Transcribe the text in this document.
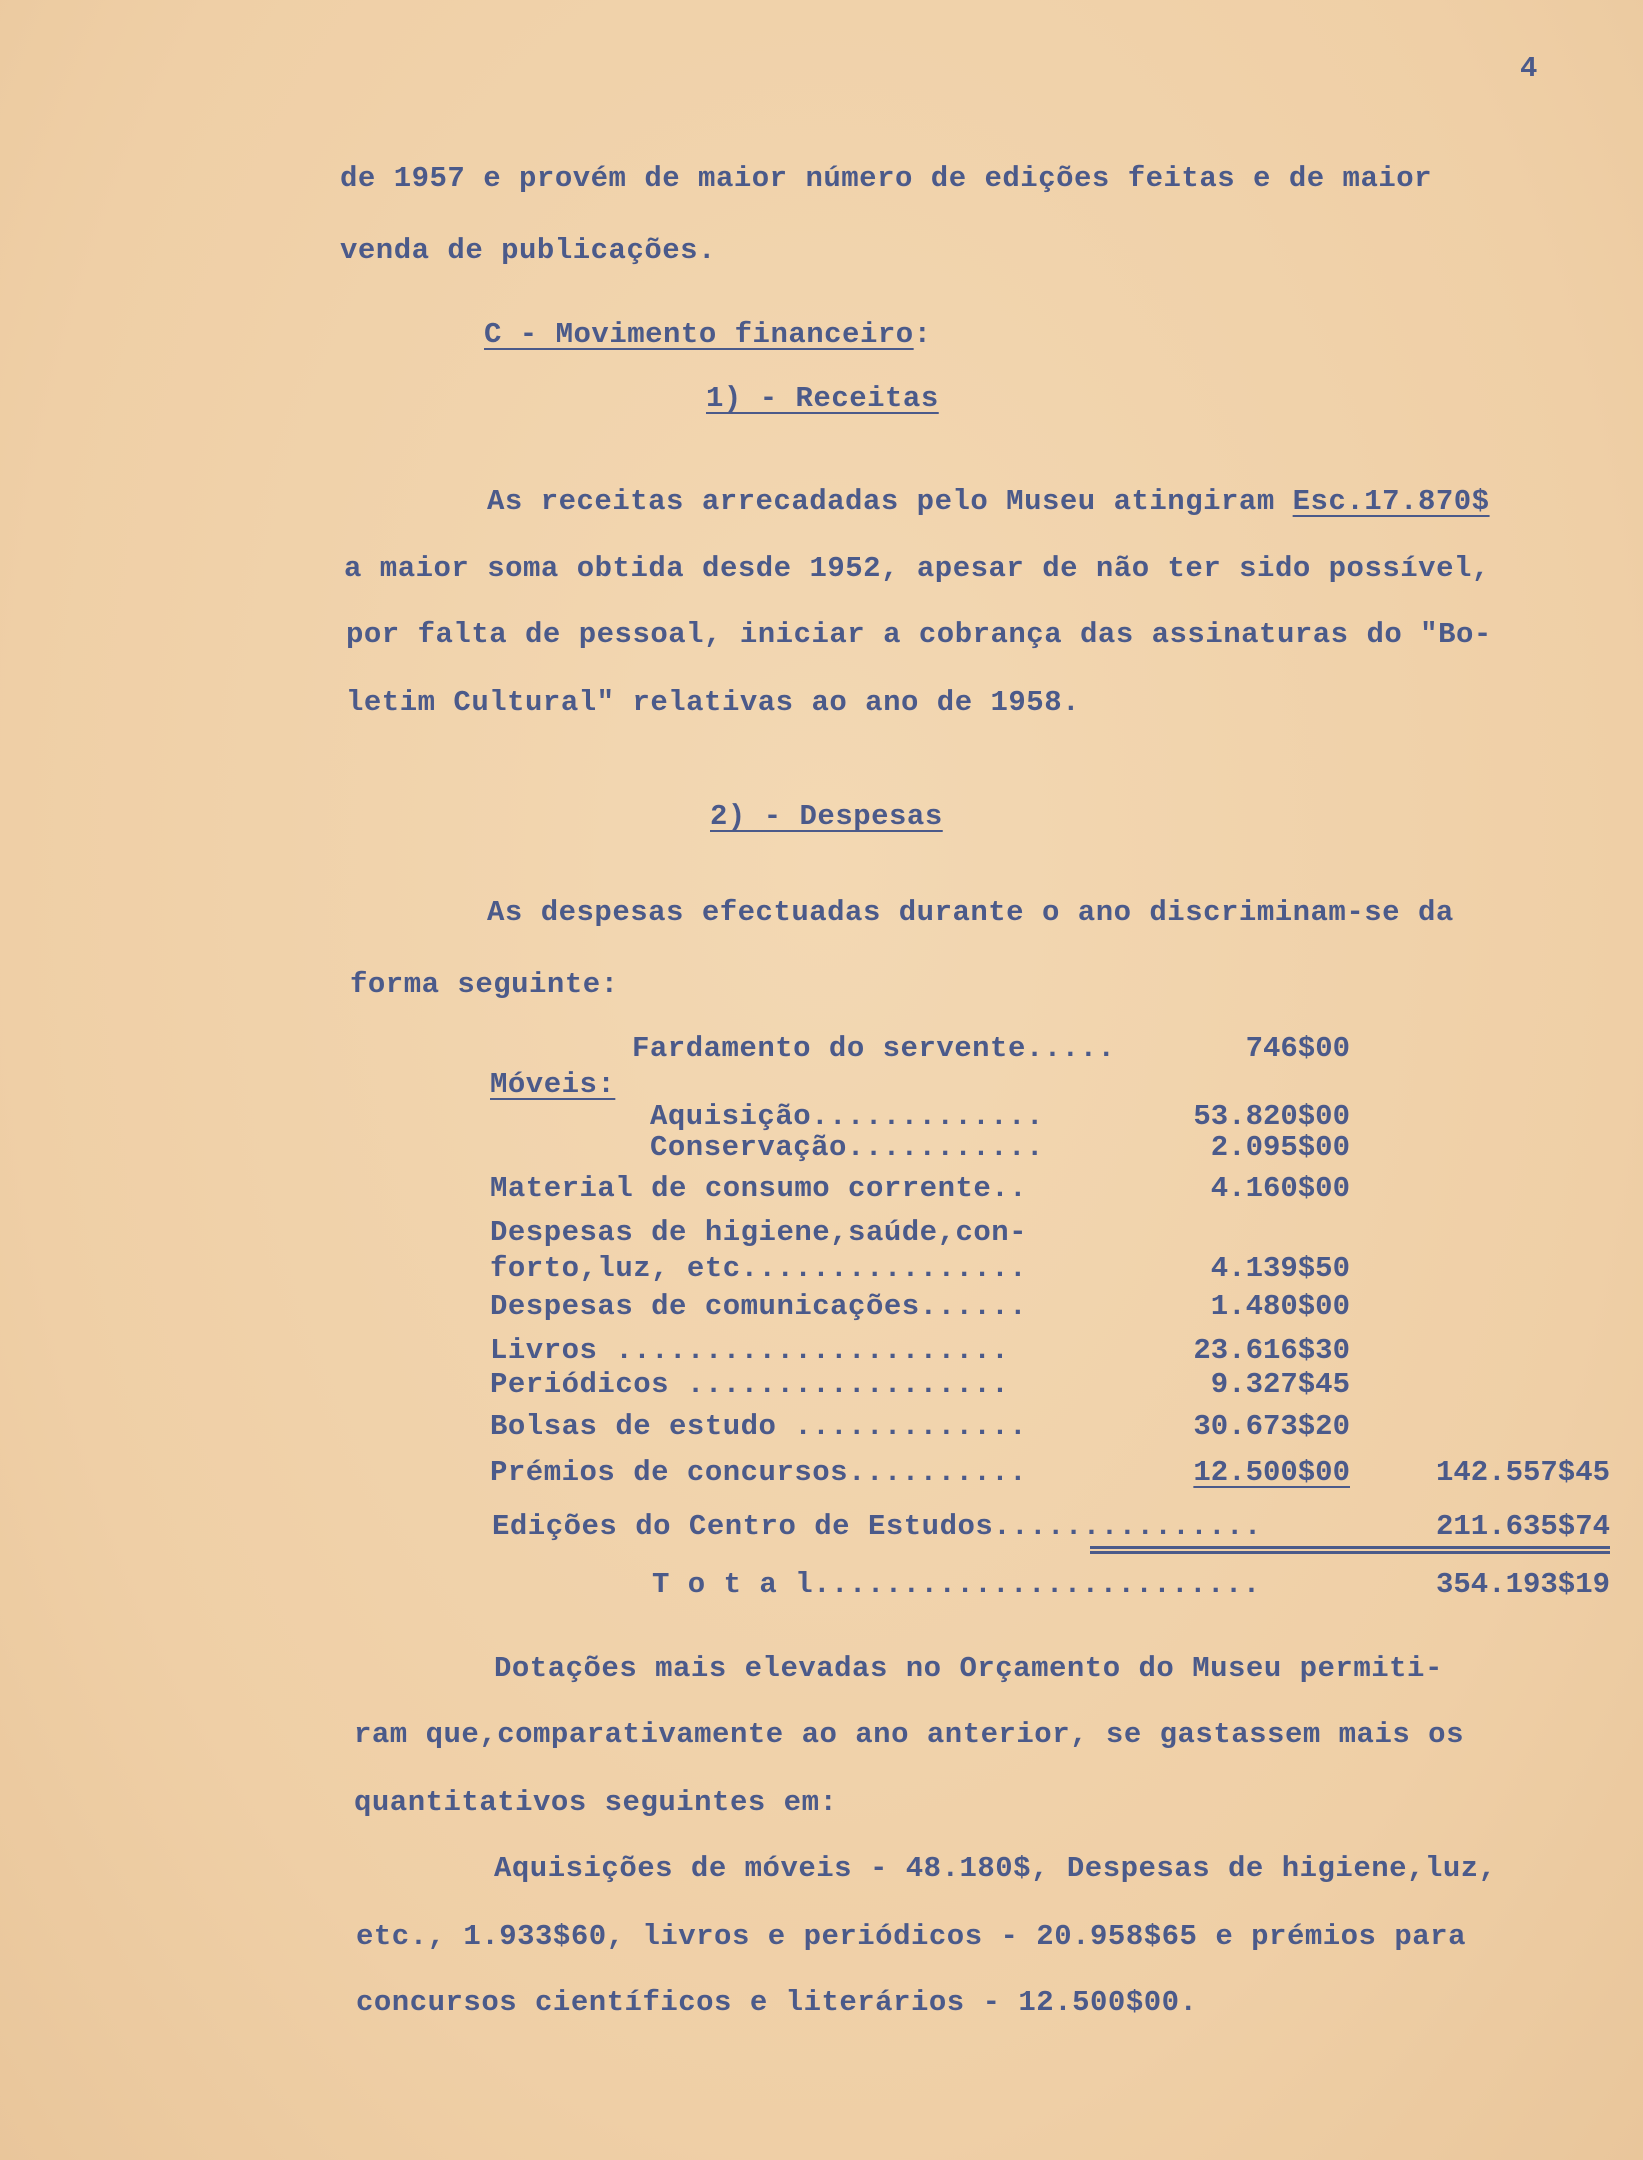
4
de 1957 e provém de maior número de edições feitas e de maior
venda de publicações.
C - Movimento financeiro:
1) - Receitas
As receitas arrecadadas pelo Museu atingiram Esc.17.870$
a maior soma obtida desde 1952, apesar de não ter sido possível,
por falta de pessoal, iniciar a cobrança das assinaturas do "Bo-
letim Cultural" relativas ao ano de 1958.
2) - Despesas
As despesas efectuadas durante o ano discriminam-se da
forma seguinte:
Fardamento do servente.....	746$00
Móveis:
Aquisição.............	53.820$00
Conservação...........	2.095$00
Material de consumo corrente..	4.160$00
Despesas de higiene,saúde,con-
forto,luz, etc................	4.139$50
Despesas de comunicações......	1.480$00
Livros ......................	23.616$30
Periódicos ..................	9.327$45
Bolsas de estudo .............	30.673$20
Prémios de concursos..........	12.500$00	142.557$45
Edições do Centro de Estudos...............	211.635$74
T o t a l.........................	354.193$19
Dotações mais elevadas no Orçamento do Museu permiti-
ram que,comparativamente ao ano anterior, se gastassem mais os
quantitativos seguintes em:
Aquisições de móveis - 48.180$, Despesas de higiene,luz,
etc., 1.933$60, livros e periódicos - 20.958$65 e prémios para
concursos científicos e literários - 12.500$00.
